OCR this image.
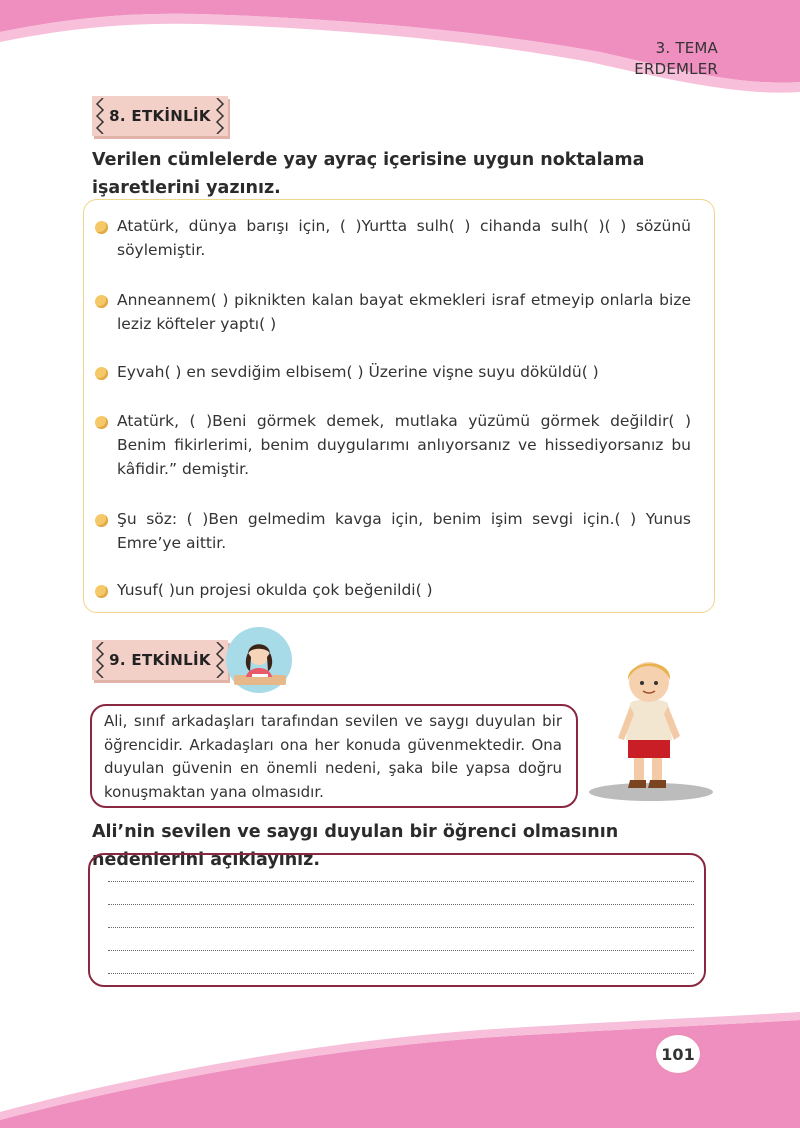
3. TEMA
ERDEMLER
8. ETKİNLİK
Verilen cümlelerde yay ayraç içerisine uygun noktalama işaretlerini yazınız.
Atatürk, dünya barışı için, ( )Yurtta sulh( ) cihanda sulh( )( ) sözünü söylemiştir.
Anneannem( ) piknikten kalan bayat ekmekleri israf etmeyip onlarla bize leziz köfteler yaptı( )
Eyvah( ) en sevdiğim elbisem( ) Üzerine vişne suyu döküldü( )
Atatürk, ( )Beni görmek demek, mutlaka yüzümü görmek değildir( ) Benim fikirlerimi, benim duygularımı anlıyorsanız ve hissediyorsanız bu kâfidir.” demiştir.
Şu söz: ( )Ben gelmedim kavga için, benim işim sevgi için.( ) Yunus Emre’ye aittir.
Yusuf( )un projesi okulda çok beğenildi( )
9. ETKİNLİK
Ali, sınıf arkadaşları tarafından sevilen ve saygı duyulan bir öğrencidir. Arkadaşları ona her konuda güvenmektedir. Ona duyulan güvenin en önemli nedeni, şaka bile yapsa doğru konuşmaktan yana olmasıdır.
Ali’nin sevilen ve saygı duyulan bir öğrenci olmasının nedenlerini açıklayınız.
101
